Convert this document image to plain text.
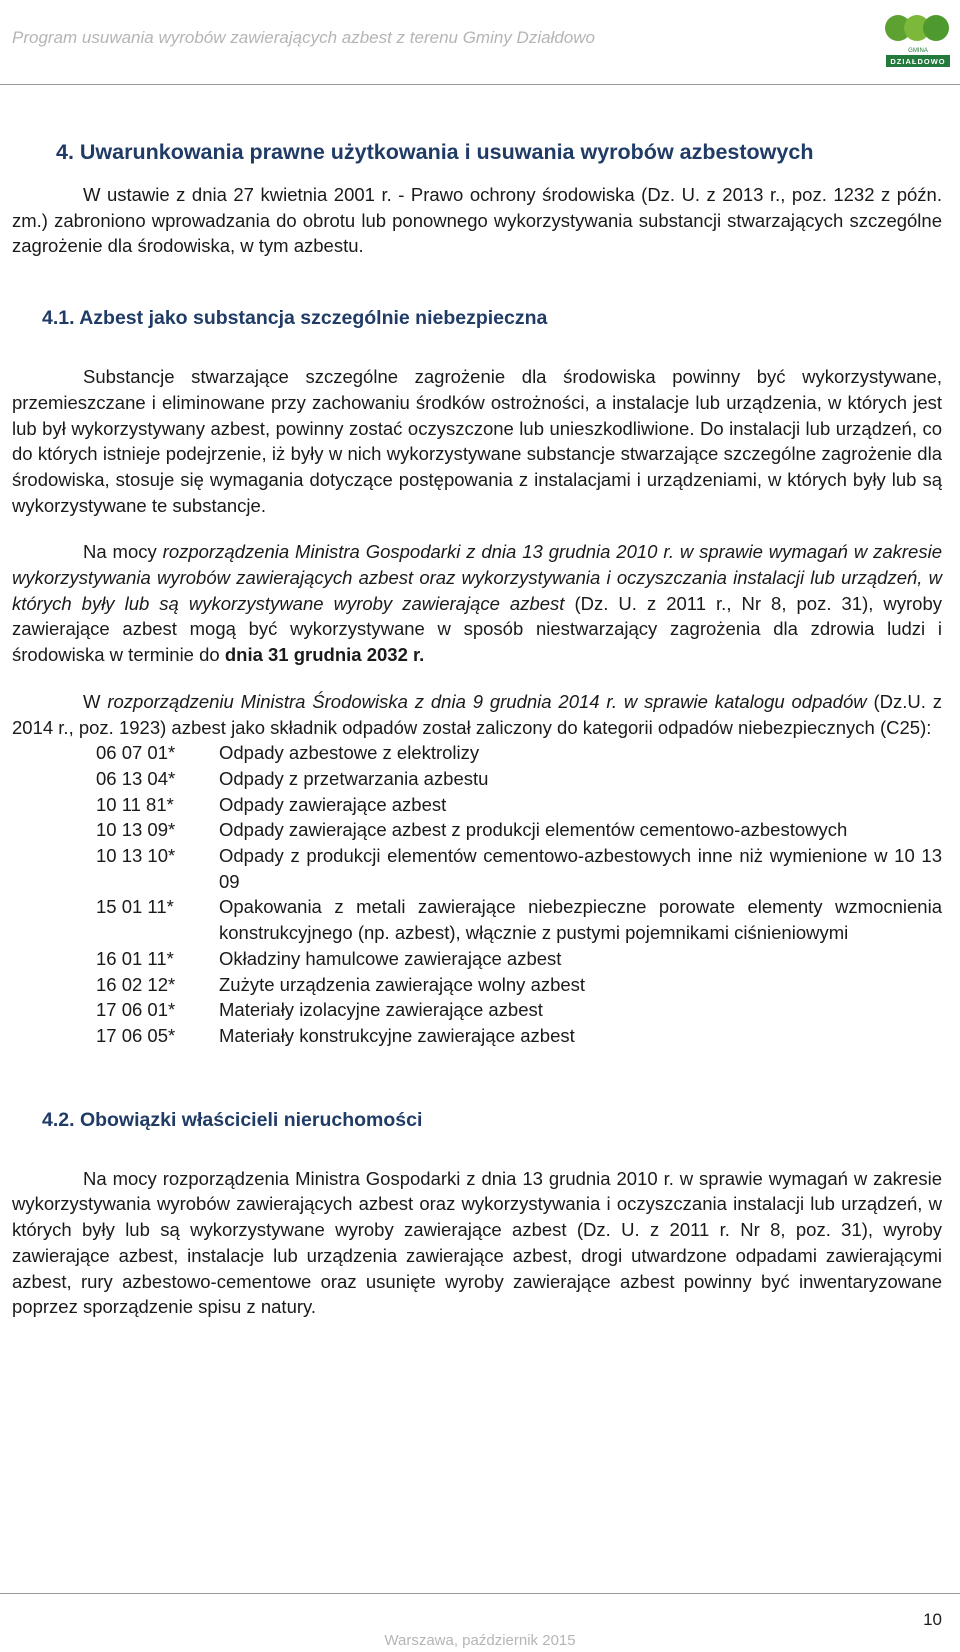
Program usuwania wyrobów zawierających azbest z terenu Gminy Działdowo
GMINA
DZIAŁDOWO
4. Uwarunkowania prawne użytkowania i usuwania wyrobów azbestowych

W ustawie z dnia 27 kwietnia 2001 r. - Prawo ochrony środowiska (Dz. U. z 2013 r., poz. 1232 z późn. zm.) zabroniono wprowadzania do obrotu lub ponownego wykorzystywania substancji stwarzających szczególne zagrożenie dla środowiska, w tym azbestu.

4.1. Azbest jako substancja szczególnie niebezpieczna

Substancje stwarzające szczególne zagrożenie dla środowiska powinny być wykorzystywane, przemieszczane i eliminowane przy zachowaniu środków ostrożności, a instalacje lub urządzenia, w których jest lub był wykorzystywany azbest, powinny zostać oczyszczone lub unieszkodliwione. Do instalacji lub urządzeń, co do których istnieje podejrzenie, iż były w nich wykorzystywane substancje stwarzające szczególne zagrożenie dla środowiska, stosuje się wymagania dotyczące postępowania z instalacjami i urządzeniami, w których były lub są wykorzystywane te substancje.

Na mocy rozporządzenia Ministra Gospodarki z dnia 13 grudnia 2010 r. w sprawie wymagań w zakresie wykorzystywania wyrobów zawierających azbest oraz wykorzystywania i oczyszczania instalacji lub urządzeń, w których były lub są wykorzystywane wyroby zawierające azbest (Dz. U. z 2011 r., Nr 8, poz. 31), wyroby zawierające azbest mogą być wykorzystywane w sposób niestwarzający zagrożenia dla zdrowia ludzi i środowiska w terminie do dnia 31 grudnia 2032 r.

W rozporządzeniu Ministra Środowiska z dnia 9 grudnia 2014 r. w sprawie katalogu odpadów (Dz.U. z 2014 r., poz. 1923) azbest jako składnik odpadów został zaliczony do kategorii odpadów niebezpiecznych (C25):

06 07 01*	Odpady azbestowe z elektrolizy
06 13 04*	Odpady z przetwarzania azbestu
10 11 81*	Odpady zawierające azbest
10 13 09*	Odpady zawierające azbest z produkcji elementów cementowo-azbestowych
10 13 10*	Odpady z produkcji elementów cementowo-azbestowych inne niż wymienione w 10 13 09
15 01 11*	Opakowania z metali zawierające niebezpieczne porowate elementy wzmocnienia konstrukcyjnego (np. azbest), włącznie z pustymi pojemnikami ciśnieniowymi
16 01 11*	Okładziny hamulcowe zawierające azbest
16 02 12*	Zużyte urządzenia zawierające wolny azbest
17 06 01*	Materiały izolacyjne zawierające azbest
17 06 05*	Materiały konstrukcyjne zawierające azbest
4.2. Obowiązki właścicieli nieruchomości

Na mocy rozporządzenia Ministra Gospodarki z dnia 13 grudnia 2010 r. w sprawie wymagań w zakresie wykorzystywania wyrobów zawierających azbest oraz wykorzystywania i oczyszczania instalacji lub urządzeń, w których były lub są wykorzystywane wyroby zawierające azbest (Dz. U. z 2011 r. Nr 8, poz. 31), wyroby zawierające azbest, instalacje lub urządzenia zawierające azbest, drogi utwardzone odpadami zawierającymi azbest, rury azbestowo-cementowe oraz usunięte wyroby zawierające azbest powinny być inwentaryzowane poprzez sporządzenie spisu z natury.

10
Warszawa, październik 2015
